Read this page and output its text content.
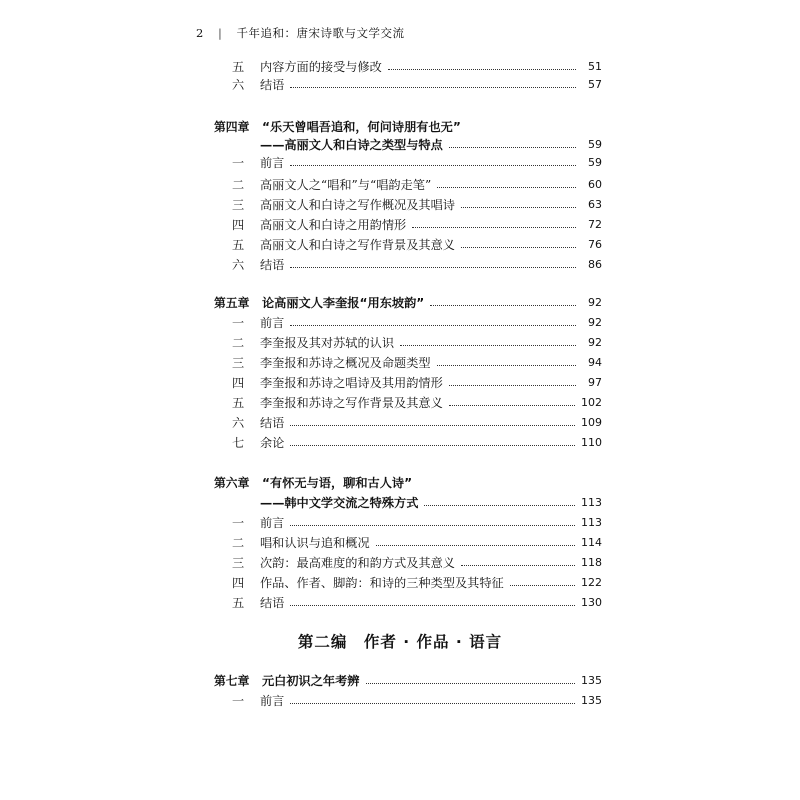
2 | 千年追和：唐宋诗歌与文学交流
五 内容方面的接受与修改	51
六 结语	57
第四章	“乐天曾唱吾追和，何问诗朋有也无”
——高丽文人和白诗之类型与特点	59
一 前言	59
二 高丽文人之“唱和”与“唱韵走笔”	60
三 高丽文人和白诗之写作概况及其唱诗	63
四 高丽文人和白诗之用韵情形	72
五 高丽文人和白诗之写作背景及其意义	76
六 结语	86
第五章	论高丽文人李奎报“用东坡韵”	92
一 前言	92
二 李奎报及其对苏轼的认识	92
三 李奎报和苏诗之概况及命题类型	94
四 李奎报和苏诗之唱诗及其用韵情形	97
五 李奎报和苏诗之写作背景及其意义	102
六 结语	109
七 余论	110
第六章	“有怀无与语，聊和古人诗”
——韩中文学交流之特殊方式	113
一 前言	113
二 唱和认识与追和概况	114
三 次韵：最高难度的和韵方式及其意义	118
四 作品、作者、脚韵：和诗的三种类型及其特征	122
五 结语	130
第七章	元白初识之年考辨	135
一 前言	135
第二编　作者 · 作品 · 语言
